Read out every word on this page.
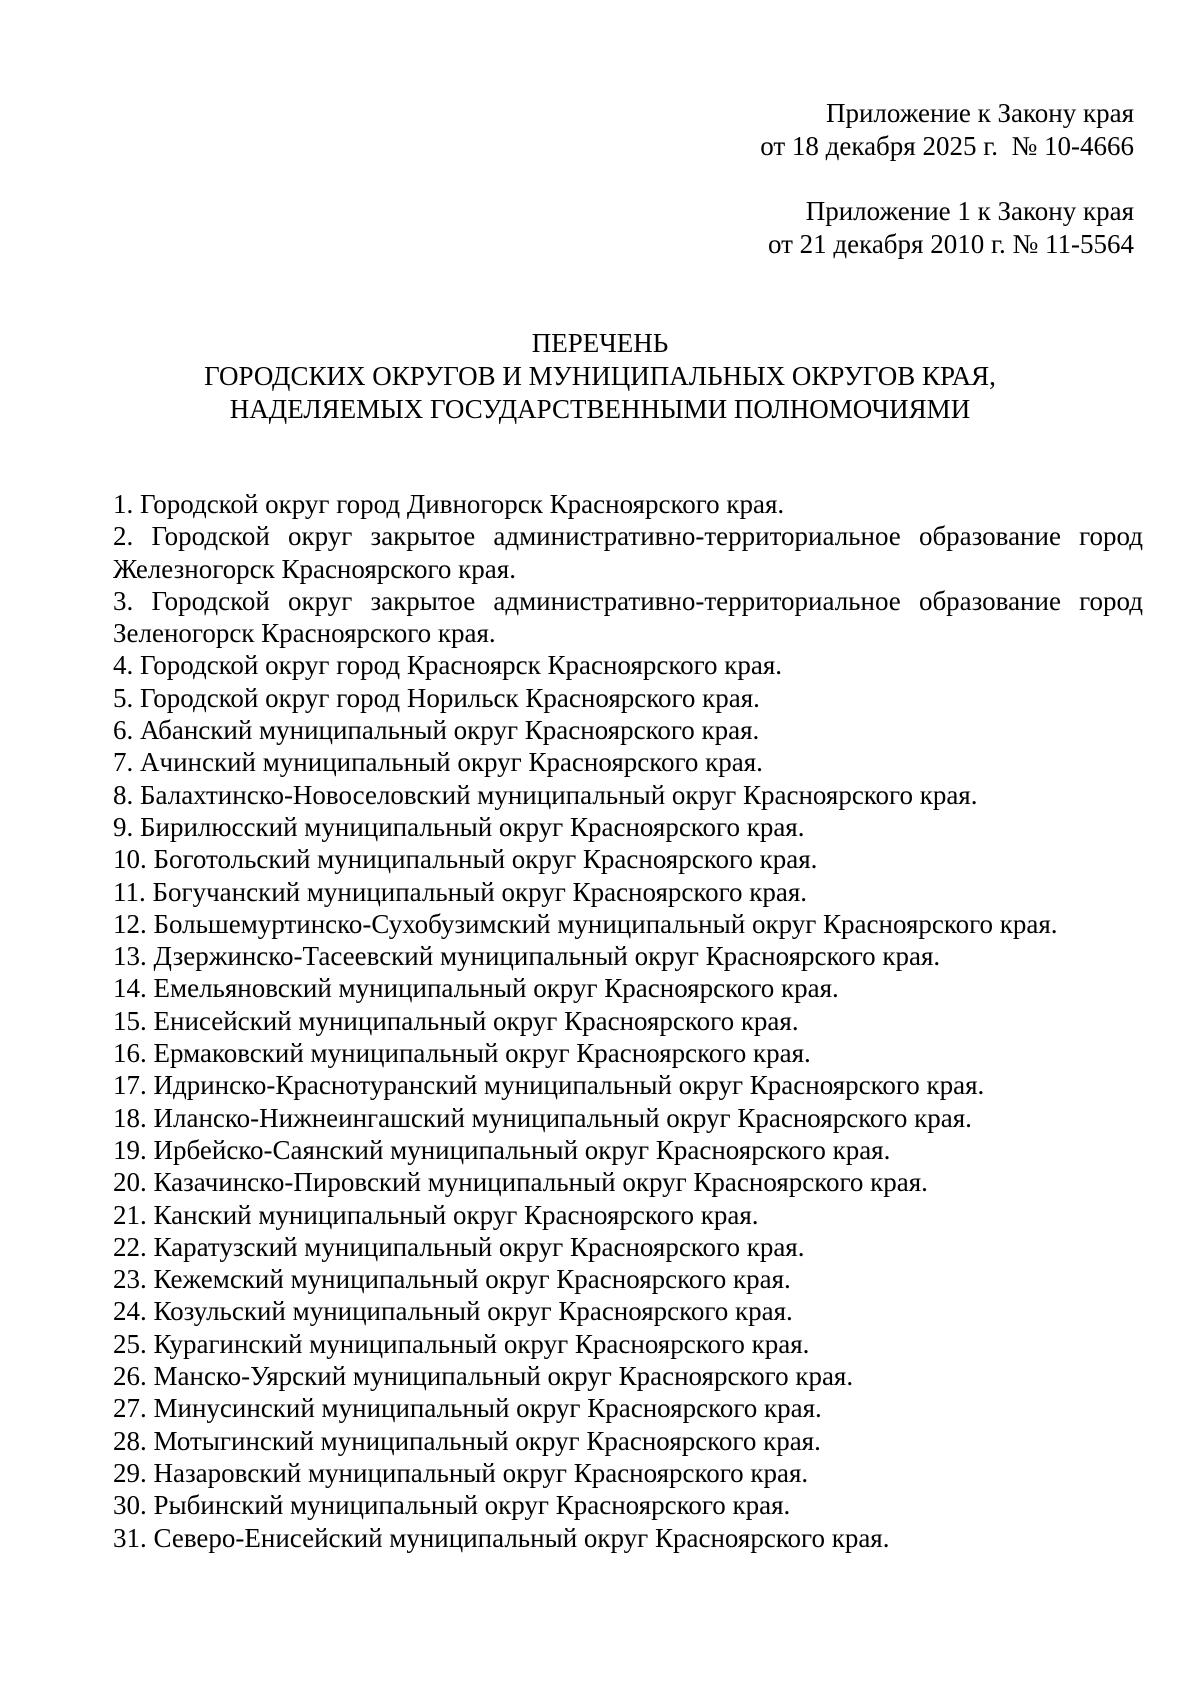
Приложение к Закону края
от 18 декабря 2025 г.  № 10-4666
Приложение 1 к Закону края
от 21 декабря 2010 г. № 11-5564
ПЕРЕЧЕНЬ
ГОРОДСКИХ ОКРУГОВ И МУНИЦИПАЛЬНЫХ ОКРУГОВ КРАЯ,
НАДЕЛЯЕМЫХ ГОСУДАРСТВЕННЫМИ ПОЛНОМОЧИЯМИ
1. Городской округ город Дивногорск Красноярского края.
2. Городской округ закрытое административно-территориальное образование город Железногорск Красноярского края.
3. Городской округ закрытое административно-территориальное образование город Зеленогорск Красноярского края.
4. Городской округ город Красноярск Красноярского края.
5. Городской округ город Норильск Красноярского края.
6. Абанский муниципальный округ Красноярского края.
7. Ачинский муниципальный округ Красноярского края.
8. Балахтинско-Новоселовский муниципальный округ Красноярского края.
9. Бирилюсский муниципальный округ Красноярского края.
10. Боготольский муниципальный округ Красноярского края.
11. Богучанский муниципальный округ Красноярского края.
12. Большемуртинско-Сухобузимский муниципальный округ Красноярского края.
13. Дзержинско-Тасеевский муниципальный округ Красноярского края.
14. Емельяновский муниципальный округ Красноярского края.
15. Енисейский муниципальный округ Красноярского края.
16. Ермаковский муниципальный округ Красноярского края.
17. Идринско-Краснотуранский муниципальный округ Красноярского края.
18. Иланско-Нижнеингашский муниципальный округ Красноярского края.
19. Ирбейско-Саянский муниципальный округ Красноярского края.
20. Казачинско-Пировский муниципальный округ Красноярского края.
21. Канский муниципальный округ Красноярского края.
22. Каратузский муниципальный округ Красноярского края.
23. Кежемский муниципальный округ Красноярского края.
24. Козульский муниципальный округ Красноярского края.
25. Курагинский муниципальный округ Красноярского края.
26. Манско-Уярский муниципальный округ Красноярского края.
27. Минусинский муниципальный округ Красноярского края.
28. Мотыгинский муниципальный округ Красноярского края.
29. Назаровский муниципальный округ Красноярского края.
30. Рыбинский муниципальный округ Красноярского края.
31. Северо-Енисейский муниципальный округ Красноярского края.
